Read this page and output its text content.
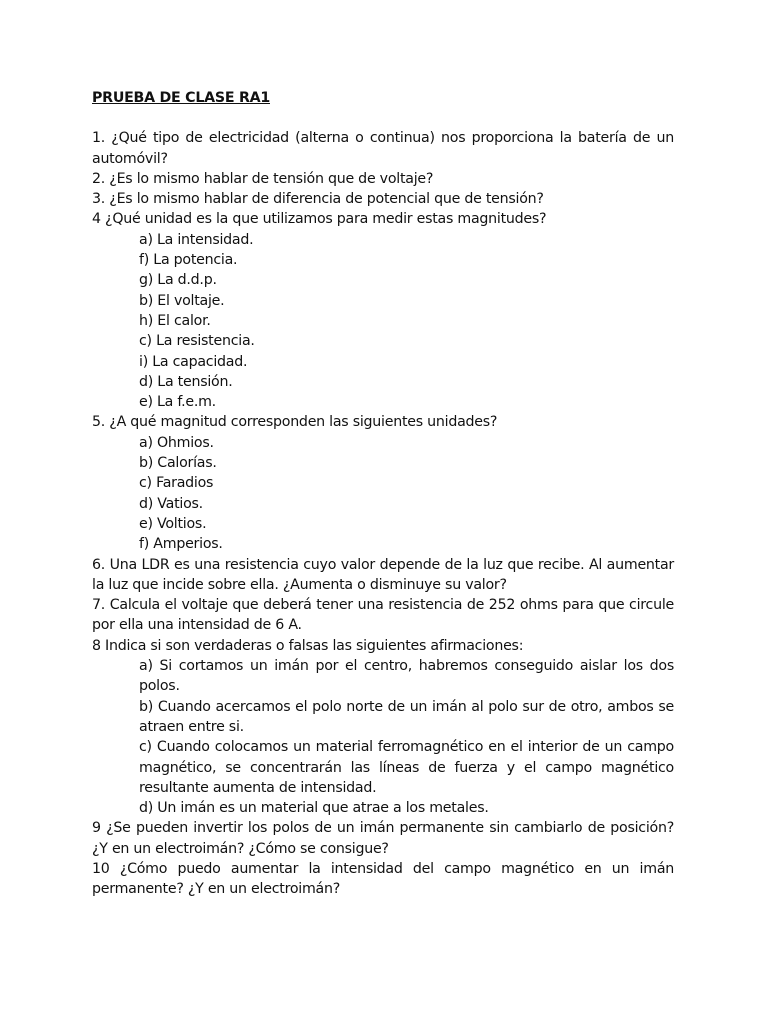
PRUEBA DE CLASE RA1
1. ¿Qué tipo de electricidad (alterna o continua) nos proporciona la batería de un automóvil?
2. ¿Es lo mismo hablar de tensión que de voltaje?
3. ¿Es lo mismo hablar de diferencia de potencial que de tensión?
4 ¿Qué unidad es la que utilizamos para medir estas magnitudes?
a) La intensidad.
f) La potencia.
g) La d.d.p.
b) El voltaje.
h) El calor.
c) La resistencia.
i) La capacidad.
d) La tensión.
e) La f.e.m.
5. ¿A qué magnitud corresponden las siguientes unidades?
a) Ohmios.
b) Calorías.
c) Faradios
d) Vatios.
e) Voltios.
f) Amperios.
6. Una LDR es una resistencia cuyo valor depende de la luz que recibe. Al aumentar la luz que incide sobre ella. ¿Aumenta o disminuye su valor?
7. Calcula el voltaje que deberá tener una resistencia de 252 ohms para que circule por ella una intensidad de 6 A.
8 Indica si son verdaderas o falsas las siguientes afirmaciones:
a) Si cortamos un imán por el centro, habremos conseguido aislar los dos polos.
b) Cuando acercamos el polo norte de un imán al polo sur de otro, ambos se atraen entre si.
c) Cuando colocamos un material ferromagnético en el interior de un campo magnético, se concentrarán las líneas de fuerza y el campo magnético resultante aumenta de intensidad.
d) Un imán es un material que atrae a los metales.
9 ¿Se pueden invertir los polos de un imán permanente sin cambiarlo de posición? ¿Y en un electroimán? ¿Cómo se consigue?
10 ¿Cómo puedo aumentar la intensidad del campo magnético en un imán permanente? ¿Y en un electroimán?
